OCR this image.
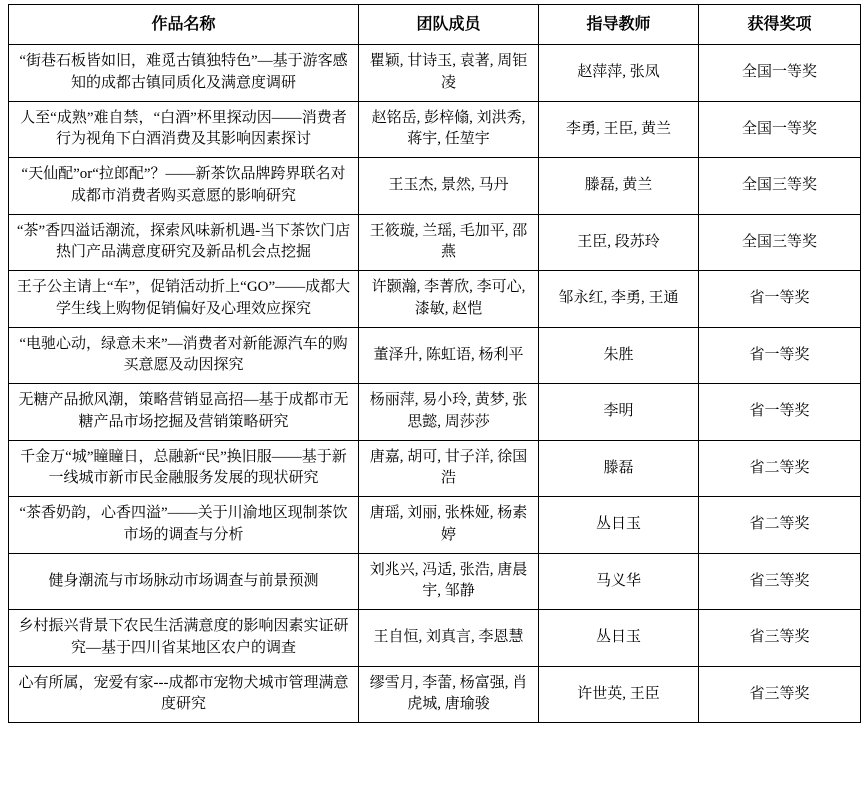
作品名称	团队成员	指导教师	获得奖项
“街巷石板皆如旧，难觅古镇独特色”—基于游客感知的成都古镇同质化及满意度调研	瞿颖, 甘诗玉, 袁著, 周钜凌	赵萍萍, 张凤	全国一等奖
人至“成熟”难自禁，“白酒”杯里探动因——消费者行为视角下白酒消费及其影响因素探讨	赵铭岳, 彭梓翛, 刘洪秀, 蒋宇, 任堃宇	李勇, 王臣, 黄兰	全国一等奖
“天仙配”or“拉郎配”？——新茶饮品牌跨界联名对成都市消费者购买意愿的影响研究	王玉杰, 景然, 马丹	滕磊, 黄兰	全国三等奖
“茶”香四溢话潮流，探索风味新机遇-当下茶饮门店热门产品满意度研究及新品机会点挖掘	王筱璇, 兰瑶, 毛加平, 邵燕	王臣, 段苏玲	全国三等奖
王子公主请上“车”，促销活动折上“GO”——成都大学生线上购物促销偏好及心理效应探究	许颢瀚, 李菁欣, 李可心, 漆敏, 赵恺	邹永红, 李勇, 王通	省一等奖
“电驰心动，绿意未来”—消费者对新能源汽车的购买意愿及动因探究	董泽升, 陈虹语, 杨利平	朱胜	省一等奖
无糖产品掀风潮，策略营销显高招—基于成都市无糖产品市场挖掘及营销策略研究	杨丽萍, 易小玲, 黄梦, 张思懿, 周莎莎	李明	省一等奖
千金万“城”瞳瞳日，总融新“民”换旧服——基于新一线城市新市民金融服务发展的现状研究	唐嘉, 胡可, 甘子洋, 徐国浩	滕磊	省二等奖
“茶香奶韵，心香四溢”——关于川渝地区现制茶饮市场的调查与分析	唐瑶, 刘丽, 张株娅, 杨素婷	丛日玉	省二等奖
健身潮流与市场脉动市场调查与前景预测	刘兆兴, 冯适, 张浩, 唐晨宇, 邹静	马义华	省三等奖
乡村振兴背景下农民生活满意度的影响因素实证研究—基于四川省某地区农户的调查	王自恒, 刘真言, 李恩慧	丛日玉	省三等奖
心有所属，宠爱有家---成都市宠物犬城市管理满意度研究	缪雪月, 李蕾, 杨富强, 肖虎城, 唐瑜骏	许世英, 王臣	省三等奖
